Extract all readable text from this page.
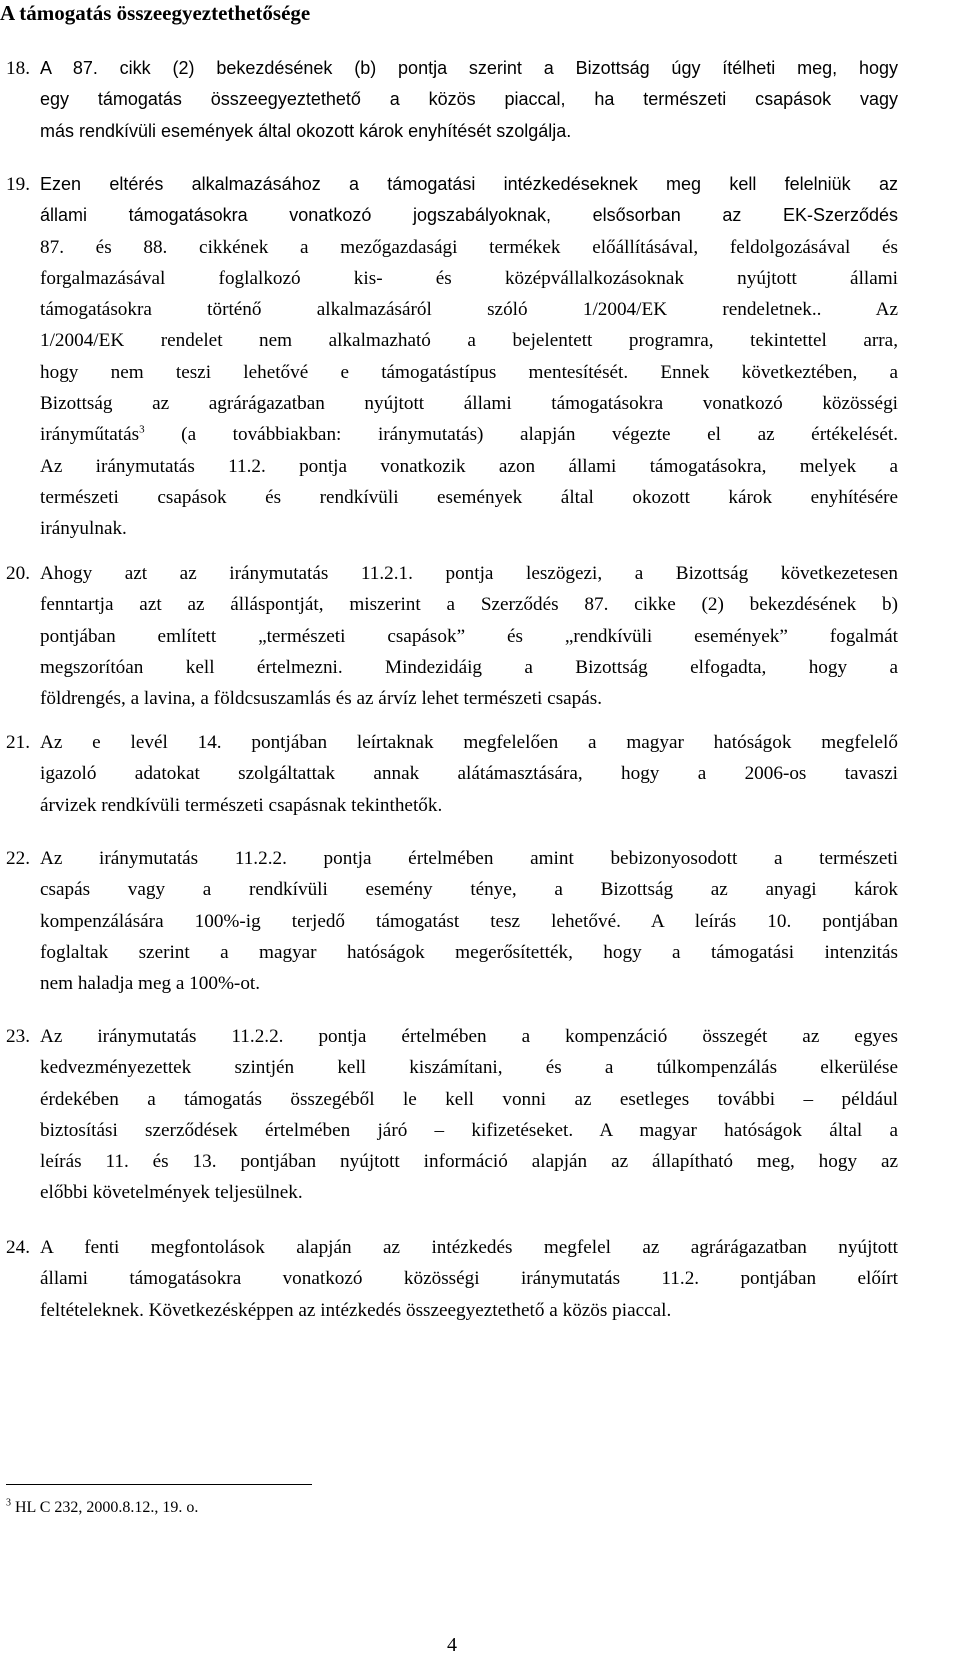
A támogatás összeegyeztethetősége
18. A 87. cikk (2) bekezdésének (b) pontja szerint a Bizottság úgy ítélheti meg, hogy
egy támogatás összeegyeztethető a közös piaccal, ha természeti csapások vagy
más rendkívüli események által okozott károk enyhítését szolgálja.
19. Ezen eltérés alkalmazásához a támogatási intézkedéseknek meg kell felelniük az
állami támogatásokra vonatkozó jogszabályoknak, elsősorban az EK-Szerződés
87. és 88. cikkének a mezőgazdasági termékek előállításával, feldolgozásával és
forgalmazásával foglalkozó kis- és középvállalkozásoknak nyújtott állami
támogatásokra történő alkalmazásáról szóló 1/2004/EK rendeletnek.. Az
1/2004/EK rendelet nem alkalmazható a bejelentett programra, tekintettel arra,
hogy nem teszi lehetővé e támogatástípus mentesítését. Ennek következtében, a
Bizottság az agrárágazatban nyújtott állami támogatásokra vonatkozó közösségi
irányműtatás$^3$ (a továbbiakban: iránymutatás) alapján végezte el az értékelését.
Az iránymutatás 11.2. pontja vonatkozik azon állami támogatásokra, melyek a
természeti csapások és rendkívüli események által okozott károk enyhítésére
irányulnak.
20. Ahogy azt az iránymutatás 11.2.1. pontja leszögezi, a Bizottság következetesen
fenntartja azt az álláspontját, miszerint a Szerződés 87. cikke (2) bekezdésének b)
pontjában említett „természeti csapások” és „rendkívüli események” fogalmát
megszorítóan kell értelmezni. Mindezidáig a Bizottság elfogadta, hogy a
földrengés, a lavina, a földcsuszamlás és az árvíz lehet természeti csapás.
21. Az e levél 14. pontjában leírtaknak megfelelően a magyar hatóságok megfelelő
igazoló adatokat szolgáltattak annak alátámasztására, hogy a 2006-os tavaszi
árvizek rendkívüli természeti csapásnak tekinthetők.
22. Az iránymutatás 11.2.2. pontja értelmében amint bebizonyosodott a természeti
csapás vagy a rendkívüli esemény ténye, a Bizottság az anyagi károk
kompenzálására 100%-ig terjedő támogatást tesz lehetővé. A leírás 10. pontjában
foglaltak szerint a magyar hatóságok megerősítették, hogy a támogatási intenzitás
nem haladja meg a 100%-ot.
23. Az iránymutatás 11.2.2. pontja értelmében a kompenzáció összegét az egyes
kedvezményezettek szintjén kell kiszámítani, és a túlkompenzálás elkerülése
érdekében a támogatás összegéből le kell vonni az esetleges további – például
biztosítási szerződések értelmében járó – kifizetéseket. A magyar hatóságok által a
leírás 11. és 13. pontjában nyújtott információ alapján az állapítható meg, hogy az
előbbi követelmények teljesülnek.
24. A fenti megfontolások alapján az intézkedés megfelel az agrárágazatban nyújtott
állami támogatásokra vonatkozó közösségi iránymutatás 11.2. pontjában előírt
feltételeknek. Következésképpen az intézkedés összeegyeztethető a közös piaccal.
$^3$ HL C 232, 2000.8.12., 19. o.
4
